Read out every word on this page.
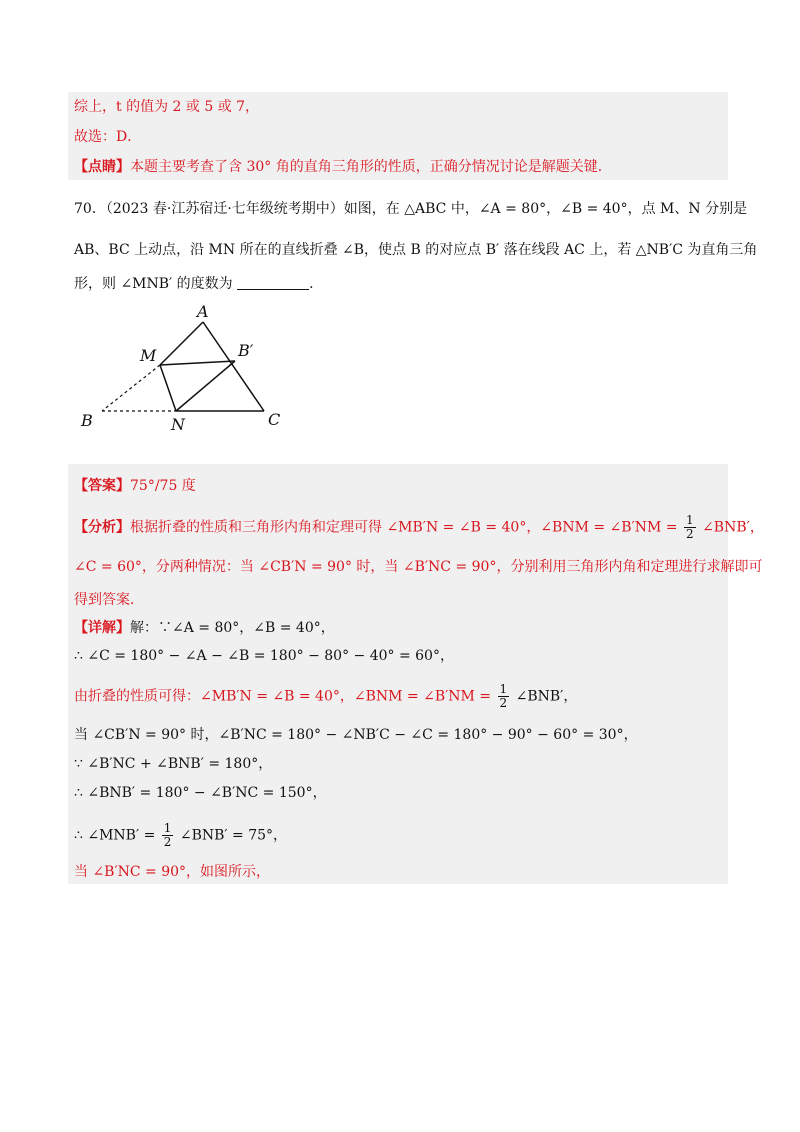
综上，t 的值为 2 或 5 或 7，
故选：D．
【点睛】本题主要考查了含 30° 角的直角三角形的性质，正确分情况讨论是解题关键．
70．（2023 春·江苏宿迁·七年级统考期中）如图，在 △ABC 中，∠A = 80°，∠B = 40°，点 M、N 分别是
AB、BC 上动点，沿 MN 所在的直线折叠 ∠B，使点 B 的对应点 B′ 落在线段 AC 上，若 △NB′C 为直角三角
形，则 ∠MNB′ 的度数为	.
A
M	B′
B	N	C
【答案】75°/75 度
【分析】根据折叠的性质和三角形内角和定理可得 ∠MB′N = ∠B = 40°，∠BNM = ∠B′NM = $\frac{1}{2}$ ∠BNB′，
∠C = 60°，分两种情况：当 ∠CB′N = 90° 时，当 ∠B′NC = 90°，分别利用三角形内角和定理进行求解即可
得到答案．
【详解】解：∵∠A = 80°，∠B = 40°，
∴ ∠C = 180° − ∠A − ∠B = 180° − 80° − 40° = 60°，
由折叠的性质可得：∠MB′N = ∠B = 40°，∠BNM = ∠B′NM = $\frac{1}{2}$ ∠BNB′，
当 ∠CB′N = 90° 时，∠B′NC = 180° − ∠NB′C − ∠C = 180° − 90° − 60° = 30°，
∵ ∠B′NC + ∠BNB′ = 180°，
∴ ∠BNB′ = 180° − ∠B′NC = 150°，
∴ ∠MNB′ = $\frac{1}{2}$ ∠BNB′ = 75°，
当 ∠B′NC = 90°，如图所示，
